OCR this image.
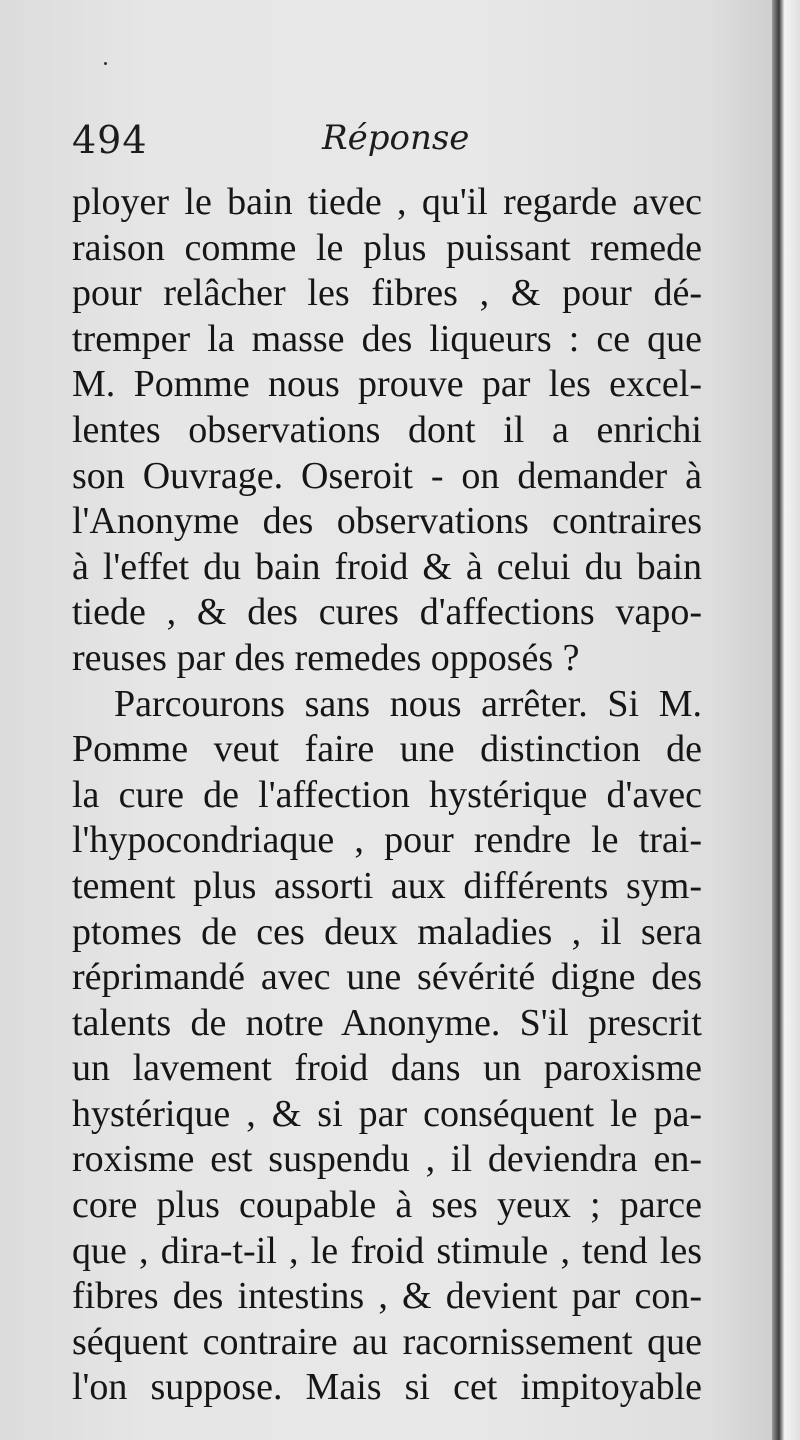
494	Réponse
ployer le bain tiede , qu'il regarde avec
raison comme le plus puissant remede
pour relâcher les fibres , & pour dé-
tremper la masse des liqueurs : ce que
M. Pomme nous prouve par les excel-
lentes observations dont il a enrichi
son Ouvrage. Oseroit - on demander à
l'Anonyme des observations contraires
à l'effet du bain froid & à celui du bain
tiede , & des cures d'affections vapo-
reuses par des remedes opposés ?
Parcourons sans nous arrêter. Si M.
Pomme veut faire une distinction de
la cure de l'affection hystérique d'avec
l'hypocondriaque , pour rendre le trai-
tement plus assorti aux différents sym-
ptomes de ces deux maladies , il sera
réprimandé avec une sévérité digne des
talents de notre Anonyme. S'il prescrit
un lavement froid dans un paroxisme
hystérique , & si par conséquent le pa-
roxisme est suspendu , il deviendra en-
core plus coupable à ses yeux ; parce
que , dira-t-il , le froid stimule , tend les
fibres des intestins , & devient par con-
séquent contraire au racornissement que
l'on suppose. Mais si cet impitoyable
